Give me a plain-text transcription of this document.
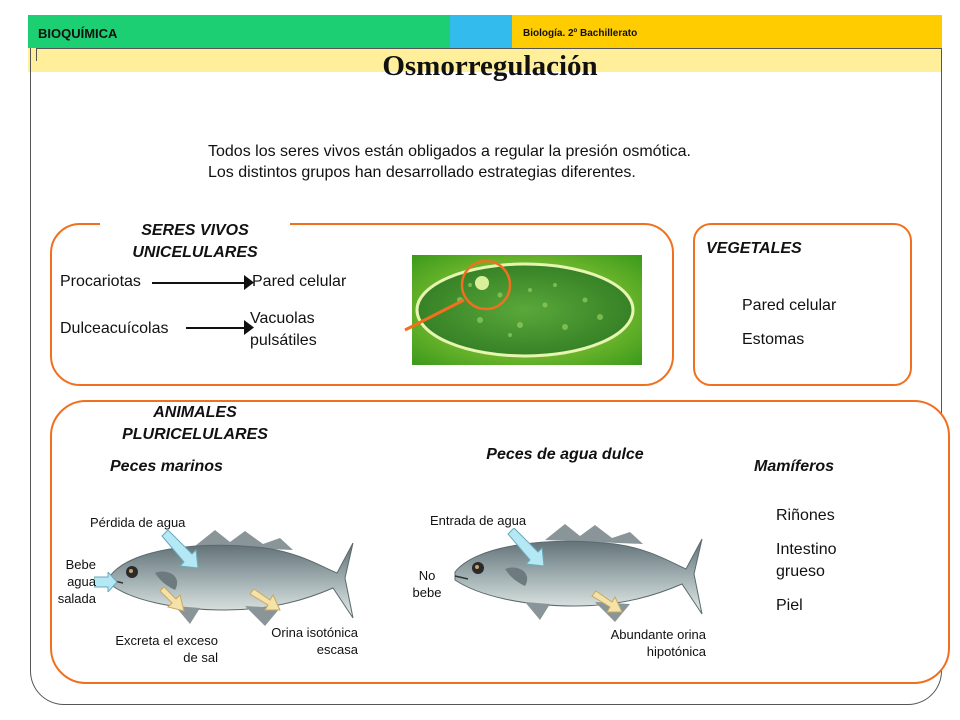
BIOQUÍMICA	Biología. 2º Bachillerato
Osmorregulación
Todos los seres vivos están obligados a regular la presión osmótica. Los distintos grupos han desarrollado estrategias diferentes.
SERES VIVOS UNICELULARES
Procariotas	Pared celular
Dulceacuícolas
Vacuolas pulsátiles
VEGETALES
Pared celular
Estomas
ANIMALES PLURICELULARES
Peces marinos
Peces de agua dulce
Mamíferos
Pérdida de agua
Bebe agua salada
Excreta el exceso de sal
Orina isotónica escasa
Entrada de agua
No bebe
Abundante orina hipotónica
Riñones
Intestino grueso
Piel
